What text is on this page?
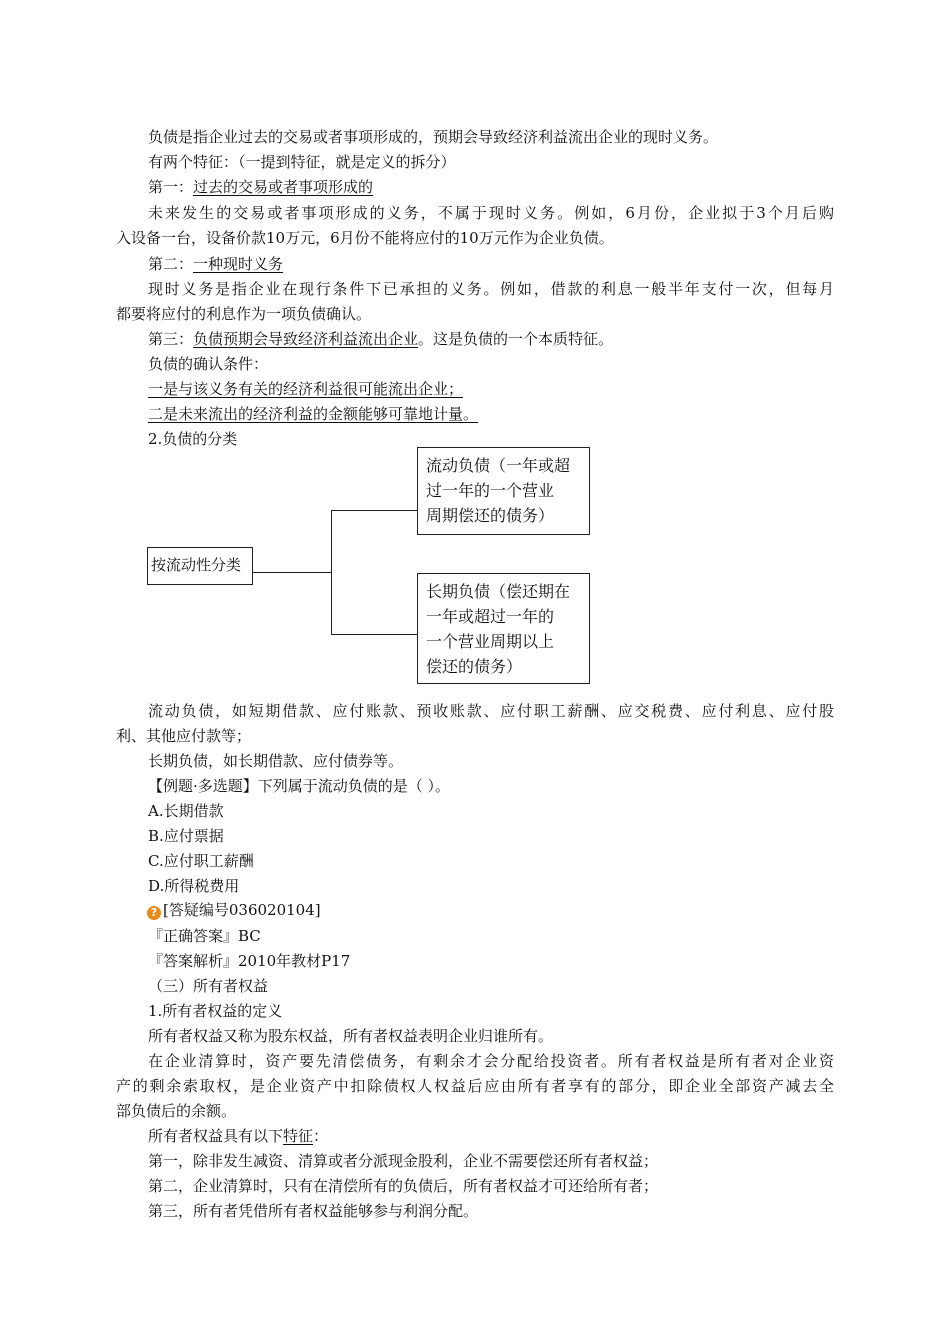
负债是指企业过去的交易或者事项形成的，预期会导致经济利益流出企业的现时义务。
有两个特征：（一提到特征，就是定义的拆分）
第一：过去的交易或者事项形成的
未来发生的交易或者事项形成的义务，不属于现时义务。例如，6月份，企业拟于3个月后购
入设备一台，设备价款10万元，6月份不能将应付的10万元作为企业负债。
第二：一种现时义务
现时义务是指企业在现行条件下已承担的义务。例如，借款的利息一般半年支付一次，但每月
都要将应付的利息作为一项负债确认。
第三：负债预期会导致经济利益流出企业。这是负债的一个本质特征。
负债的确认条件：
一是与该义务有关的经济利益很可能流出企业；
二是未来流出的经济利益的金额能够可靠地计量。
2.负债的分类
按流动性分类
流动负债（一年或超
过一年的一个营业
周期偿还的债务）
长期负债（偿还期在
一年或超过一年的
一个营业周期以上
偿还的债务）
流动负债，如短期借款、应付账款、预收账款、应付职工薪酬、应交税费、应付利息、应付股
利、其他应付款等；
长期负债，如长期借款、应付债券等。
【例题·多选题】下列属于流动负债的是（ ）。
A.长期借款
B.应付票据
C.应付职工薪酬
D.所得税费用
? [答疑编号036020104]
『正确答案』BC
『答案解析』2010年教材P17
（三）所有者权益
1.所有者权益的定义
所有者权益又称为股东权益，所有者权益表明企业归谁所有。
在企业清算时，资产要先清偿债务，有剩余才会分配给投资者。所有者权益是所有者对企业资
产的剩余索取权，是企业资产中扣除债权人权益后应由所有者享有的部分，即企业全部资产减去全
部负债后的余额。
所有者权益具有以下特征：
第一，除非发生减资、清算或者分派现金股利，企业不需要偿还所有者权益；
第二，企业清算时，只有在清偿所有的负债后，所有者权益才可还给所有者；
第三，所有者凭借所有者权益能够参与利润分配。
